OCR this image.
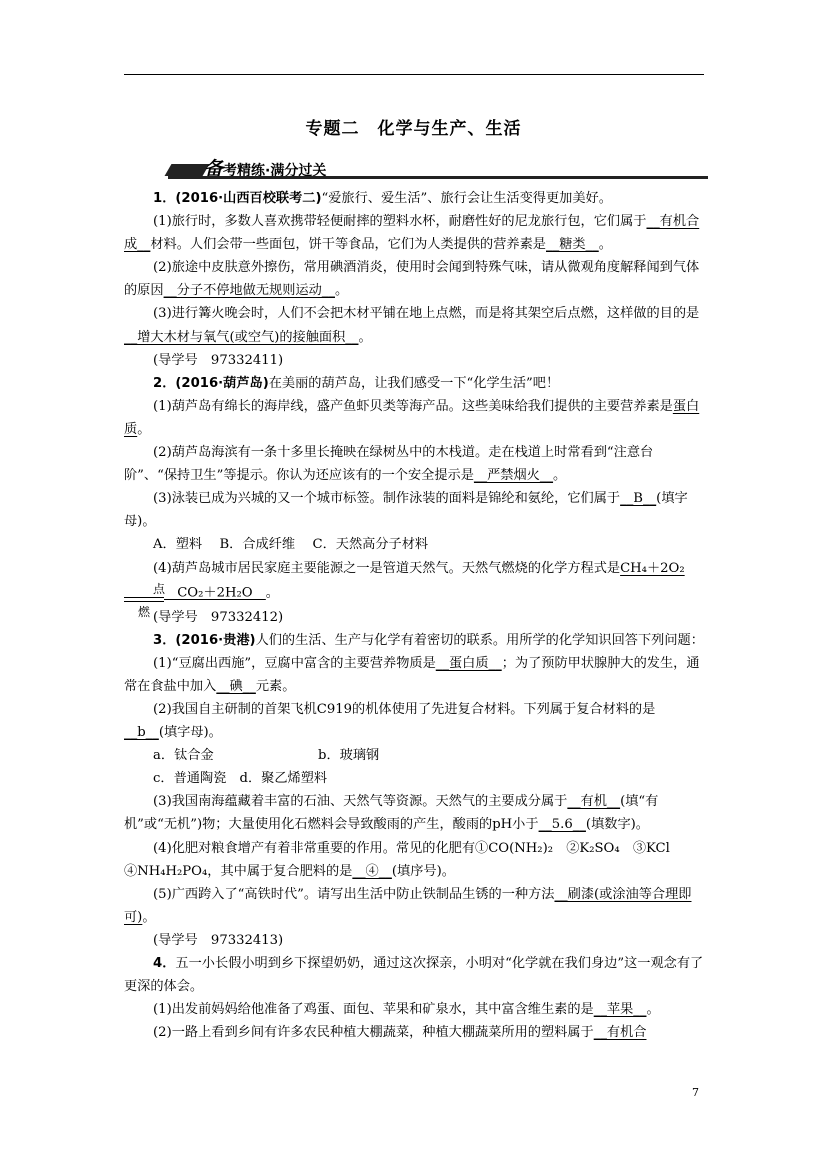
专题二　化学与生产、生活
备考精练·满分过关

1．(2016·山西百校联考二)“爱旅行、爱生活”、旅行会让生活变得更加美好。

(1)旅行时，多数人喜欢携带轻便耐摔的塑料水杯，耐磨性好的尼龙旅行包，它们属于__有机合成__材料。人们会带一些面包，饼干等食品，它们为人类提供的营养素是__糖类__。

(2)旅途中皮肤意外擦伤，常用碘酒消炎，使用时会闻到特殊气味，请从微观角度解释闻到气体的原因__分子不停地做无规则运动__。

(3)进行篝火晚会时，人们不会把木材平铺在地上点燃，而是将其架空后点燃，这样做的目的是__增大木材与氧气(或空气)的接触面积__。

(导学号　97332411)

2．(2016·葫芦岛)在美丽的葫芦岛，让我们感受一下“化学生活”吧！

(1)葫芦岛有绵长的海岸线，盛产鱼虾贝类等海产品。这些美味给我们提供的主要营养素是蛋白质。

(2)葫芦岛海滨有一条十多里长掩映在绿树丛中的木栈道。走在栈道上时常看到“注意台阶”、“保持卫生”等提示。你认为还应该有的一个安全提示是__严禁烟火__。

(3)泳装已成为兴城的又一个城市标签。制作泳装的面料是锦纶和氨纶，它们属于__B__(填字母)。

A．塑料　 B．合成纤维　 C．天然高分子材料

(4)葫芦岛城市居民家庭主要能源之一是管道天然气。天然气燃烧的化学方程式是CH₄＋2O₂
点燃
__CO₂＋2H₂O__。

(导学号　97332412)

3．(2016·贵港)人们的生活、生产与化学有着密切的联系。用所学的化学知识回答下列问题：

(1)“豆腐出西施”，豆腐中富含的主要营养物质是__蛋白质__；为了预防甲状腺肿大的发生，通常在食盐中加入__碘__元素。

(2)我国自主研制的首架飞机C919的机体使用了先进复合材料。下列属于复合材料的是__b__(填字母)。

a．钛合金	b．玻璃钢

c．普通陶瓷　d．聚乙烯塑料

(3)我国南海蕴藏着丰富的石油、天然气等资源。天然气的主要成分属于__有机__(填“有机”或“无机”)物；大量使用化石燃料会导致酸雨的产生，酸雨的pH小于__5.6__(填数字)。

(4)化肥对粮食增产有着非常重要的作用。常见的化肥有①CO(NH₂)₂　②K₂SO₄　③KCl　④NH₄H₂PO₄，其中属于复合肥料的是__④__(填序号)。

(5)广西跨入了“高铁时代”。请写出生活中防止铁制品生锈的一种方法__刷漆(或涂油等合理即可)。

(导学号　97332413)

4．五一小长假小明到乡下探望奶奶，通过这次探亲，小明对“化学就在我们身边”这一观念有了更深的体会。

(1)出发前妈妈给他准备了鸡蛋、面包、苹果和矿泉水，其中富含维生素的是__苹果__。

(2)一路上看到乡间有许多农民种植大棚蔬菜，种植大棚蔬菜所用的塑料属于__有机合

7
